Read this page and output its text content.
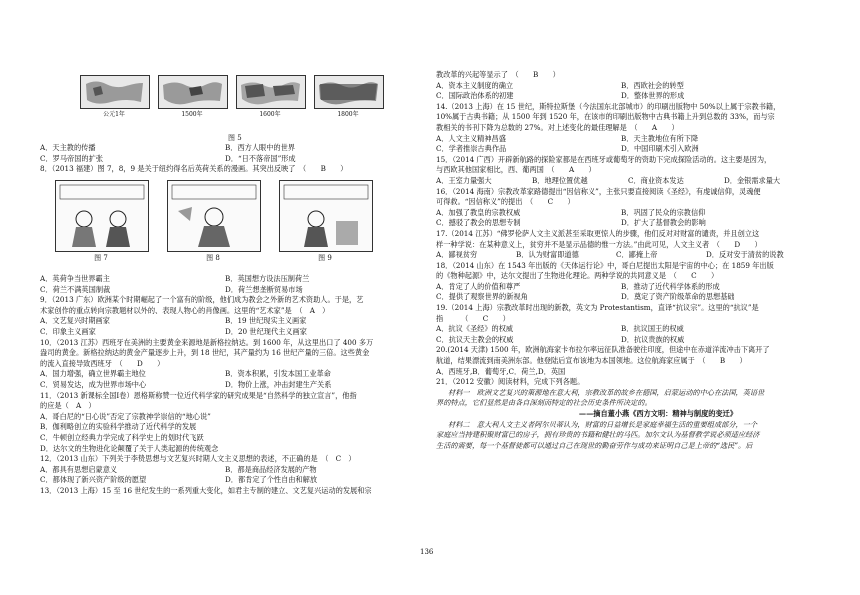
公元1年	1500年	1600年	1800年
图 5
A．天主教的传播	B．西方人眼中的世界
C．罗马帝国的扩张	D．“日不落帝国”形成
8．（2013 福建）图 7，8，9 是关于纽约得名后英荷关系的漫画。其突出反映了　（　　B　　）
图 7	图 8	图 9
A．英荷争当世界霸主	B．英国想方设法压制荷兰
C．荷兰不满英国制裁	D．荷兰想垄断贸易市场
9．（2013 广东）欧洲某个时期崛起了一个富有的阶级，他们成为教会之外新的艺术资助人。于是，艺
术家创作的重点转向宗教题材以外的、表现人物心的肖像画。这里的“艺术家”是　（　A　）
A．文艺复兴时期画家	B．19 世纪现实主义画家
C．印象主义画家	D．20 世纪现代主义画家
10．（2013 江苏）西班牙在美洲的主要黄金来源地是新格拉纳达。到 1600 年，从这里出口了 400 多万
盎司的黄金。新格拉纳达的黄金产量逐步上升，到 18 世纪，其产量约为 16 世纪产量的三倍。这些黄金
的流入直接导致西班牙　（　　D　　）
A．国力增强，确立世界霸主地位	B．资本积累，引发本国工业革命
C．贸易发达，成为世界市场中心	D．物价上涨，冲击封建生产关系
11．（2013 新课标全国Ⅰ卷）恩格斯称赞一位近代科学家的研究成果是“自然科学的独立宣言”，他指
的应是（　A　）
A．哥白尼的“日心说”否定了宗教神学崇信的“地心说”
B．伽利略创立的实验科学推动了近代科学的发展
C．牛顿创立经典力学完成了科学史上的划时代飞跃
D．达尔文的生物进化论颠覆了关于人类起源的传统观念
12．（2013 山东）下列关于李贽思想与文艺复兴时期人文主义思想的表述，不正确的是　（　C　）
A．都具有思想启蒙意义	B．都是商品经济发展的产物
C．都体现了新兴资产阶级的愿望	D．都肯定了个性自由和解放
13．（2013 上海）15 至 16 世纪发生的一系列重大变化，如君主专制的建立、文艺复兴运动的发展和宗
教改革的兴起等显示了　（　　B　　）
A．资本主义制度的确立	B．西欧社会的转型
C．国际政治体系的初建	D．整体世界的形成
14.（2013 上海）在 15 世纪，斯特拉斯堡（今法国东北部城市）的印刷出版物中 50%以上属于宗教书籍，
10%属于古典书籍；从 1500 年到 1520 年，在该市的印刷出版物中古典书籍上升到总数的 33%，而与宗
教相关的书刊下降为总数的 27%。对上述变化的最佳理解是　（　　A　　）
A．人文主义精神昌盛	B．天主教地位有所下降
C．学者推崇古典作品	D．中国印刷术引入欧洲
15．（2014 广西）开辟新航路的探险家都是在西班牙或葡萄牙的资助下完成探险活动的。这主要是因为，
与西欧其他国家相比，西、葡两国　（　　A　　）
A．王室力量强大	B．地理位置优越	C．商业资本发达	D．金银需求量大
16．（2014 海南）宗教改革家路德提出“因信称义”，主张只要直接阅读《圣经》，有虔诚信仰，灵魂便
可得救。“因信称义”的提出　（　　C　　）
A．加强了教皇的宗教权威	B．巩固了民众的宗教信仰
C．撼驳了教会的思想专制	D．扩大了基督教会的影响
17.（2014 江苏）“佛罗伦萨人文主义派甚至采取更惊人的步骤，他们反对对财富的谴责，并且创立这
样一种学说：在某种意义上，贫穷并不是显示品德的惟一方法。”由此可见，人文主义者　（　　D　　）
A．鄙视贫穷	B．认为财富即道德	C．鄙掩上帝	D．反对安于清贫的说教
18．（2014 山东）在 1543 年出版的《天体运行论》中，哥白尼提出太阳是宇宙的中心；在 1859 年出版
的《物种起源》中，达尔文提出了生物进化理论。两种学说的共同意义是　（　　C　　）
A．肯定了人的价值和尊严	B．推动了近代科学体系的形成
C．提供了观察世界的新视角	D．奠定了资产阶级革命的思想基础
19.（2014 上海）宗教改革时出现的新教，英文为 Protestantism，直译“抗议宗”。这里的“抗议”是
指　　　（　　C　　）
A．抗议《圣经》的权威	B．抗议国王的权威
C．抗议天主教会的权威	D．抗议贵族的权威
20.(2014 天津) 1500 年，欧洲航海家卡布拉尔率远征队准备驶往印度，但途中在赤道洋流冲击下离开了
航道，结果漂流到南美洲东部。他登陆后宣布该地为本国领地。这位航海家应属于　（　　B　　）
A．西班牙,B．葡萄牙,C．荷兰,D．英国
21．（2012 安徽）阅读材料，完成下列各题。
材料一　欧洲文艺复兴的策源地在意大利，宗教改革的故乡在德国，启蒙运动的中心在法国，英语世
界的特点，它们显然是由各自深刻而特定的社会历史条件所决定的。
——摘自董小燕《西方文明：精神与制度的变迁》
材料二　意大利人文主义者阿尔贝蒂认为，财富的日益增长是家庭幸福生活的重要组成部分，一个
家庭应当持建积聚财富已的房子，拥有珍贵的书籍和健壮的马匹。加尔文认为基督教学说必须适应经济
生活的需要，每一个基督徒都可以通过自己在现世的勤奋劳作与成功来证明自己是上帝的“选民”。后
136
